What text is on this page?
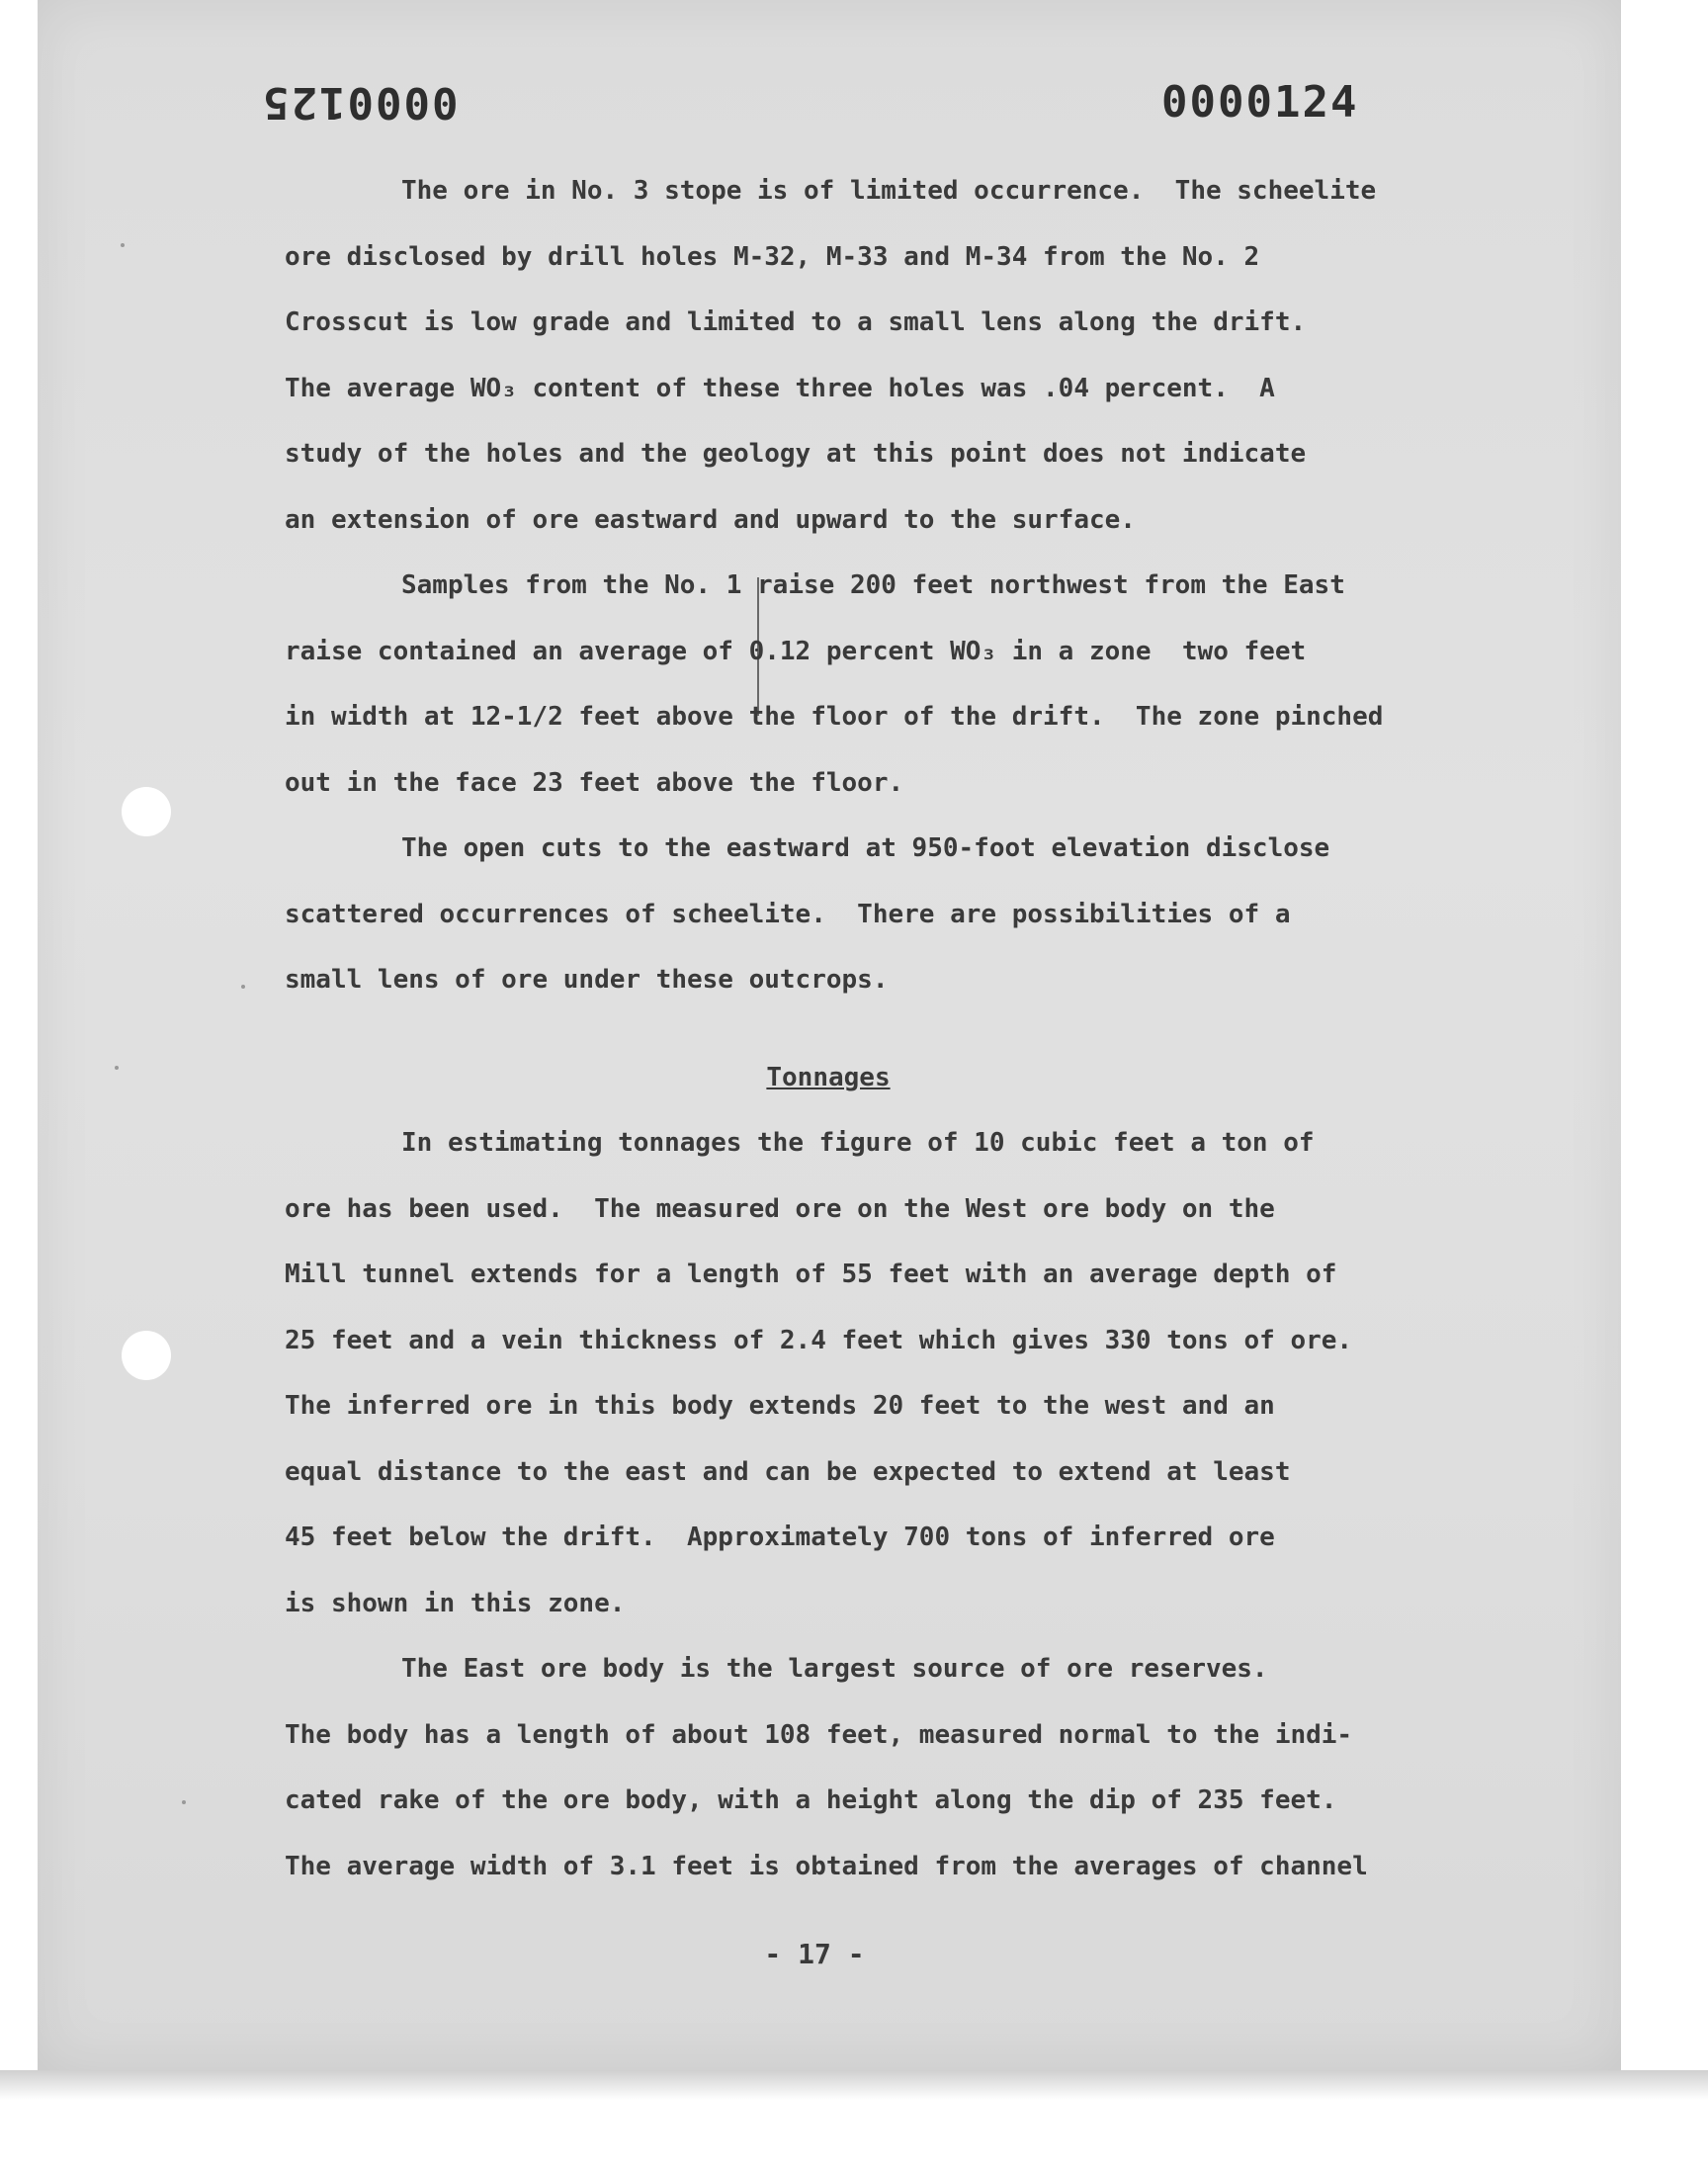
0000125	0000124
The ore in No. 3 stope is of limited occurrence.  The scheelite
ore disclosed by drill holes M-32, M-33 and M-34 from the No. 2
Crosscut is low grade and limited to a small lens along the drift.
The average WO₃ content of these three holes was .04 percent.  A
study of the holes and the geology at this point does not indicate
an extension of ore eastward and upward to the surface.
Samples from the No. 1 raise 200 feet northwest from the East
raise contained an average of 0.12 percent WO₃ in a zone  two feet
in width at 12-1/2 feet above the floor of the drift.  The zone pinched
out in the face 23 feet above the floor.
The open cuts to the eastward at 950-foot elevation disclose
scattered occurrences of scheelite.  There are possibilities of a
small lens of ore under these outcrops.
Tonnages
In estimating tonnages the figure of 10 cubic feet a ton of
ore has been used.  The measured ore on the West ore body on the
Mill tunnel extends for a length of 55 feet with an average depth of
25 feet and a vein thickness of 2.4 feet which gives 330 tons of ore.
The inferred ore in this body extends 20 feet to the west and an
equal distance to the east and can be expected to extend at least
45 feet below the drift.  Approximately 700 tons of inferred ore
is shown in this zone.
The East ore body is the largest source of ore reserves.
The body has a length of about 108 feet, measured normal to the indi-
cated rake of the ore body, with a height along the dip of 235 feet.
The average width of 3.1 feet is obtained from the averages of channel
- 17 -
